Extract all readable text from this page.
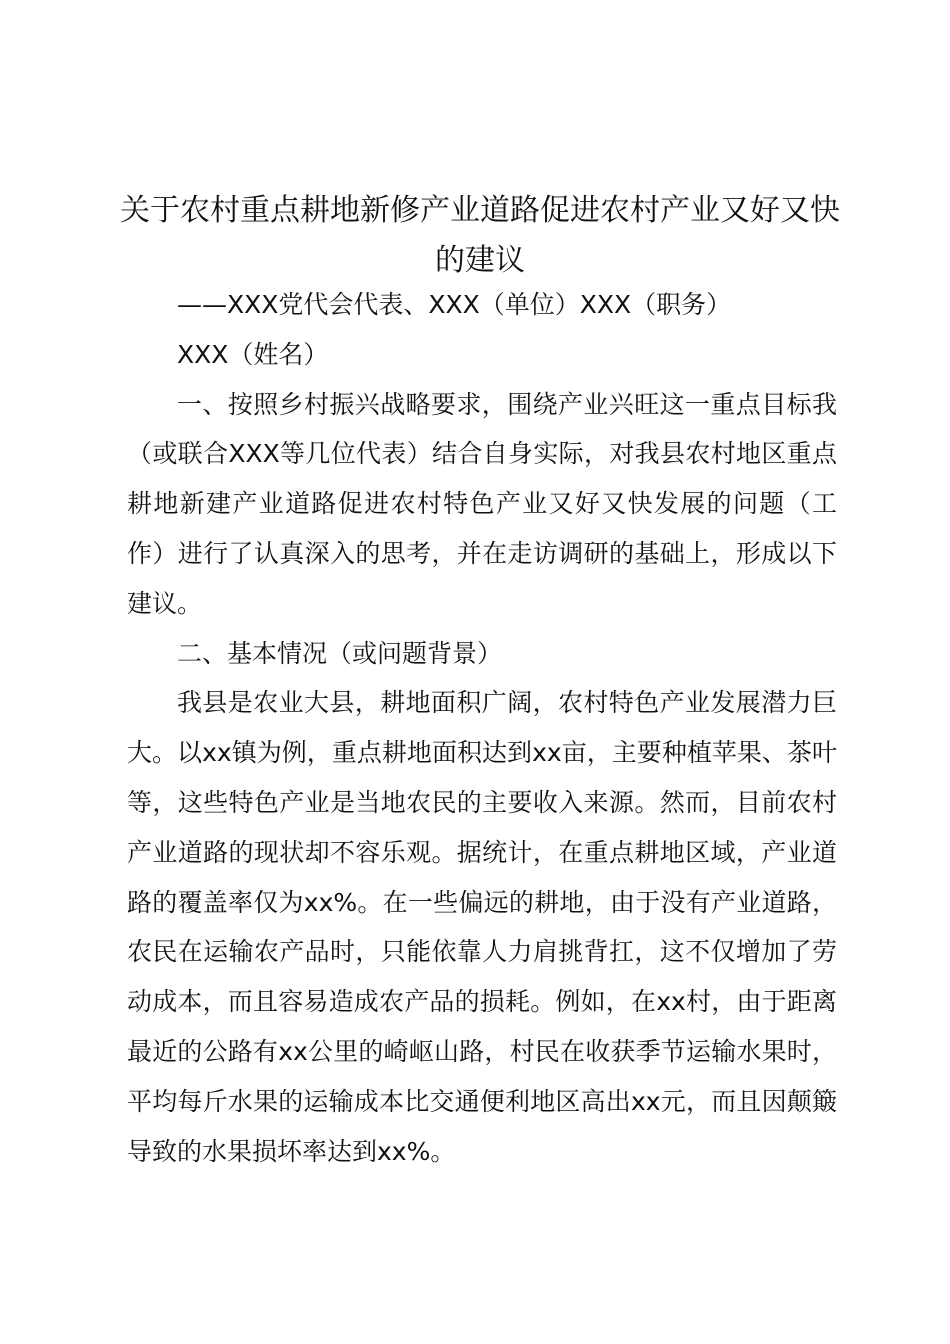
关于农村重点耕地新修产业道路促进农村产业又好又快的建议

——XXX党代会代表、XXX（单位）XXX（职务）

XXX（姓名）

一、按照乡村振兴战略要求，围绕产业兴旺这一重点目标我（或联合XXX等几位代表）结合自身实际，对我县农村地区重点耕地新建产业道路促进农村特色产业又好又快发展的问题（工作）进行了认真深入的思考，并在走访调研的基础上，形成以下建议。

二、基本情况（或问题背景）

我县是农业大县，耕地面积广阔，农村特色产业发展潜力巨大。以xx镇为例，重点耕地面积达到xx亩，主要种植苹果、茶叶等，这些特色产业是当地农民的主要收入来源。然而，目前农村产业道路的现状却不容乐观。据统计，在重点耕地区域，产业道路的覆盖率仅为xx%。在一些偏远的耕地，由于没有产业道路，农民在运输农产品时，只能依靠人力肩挑背扛，这不仅增加了劳动成本，而且容易造成农产品的损耗。例如，在xx村，由于距离最近的公路有xx公里的崎岖山路，村民在收获季节运输水果时，平均每斤水果的运输成本比交通便利地区高出xx元，而且因颠簸导致的水果损坏率达到xx%。
